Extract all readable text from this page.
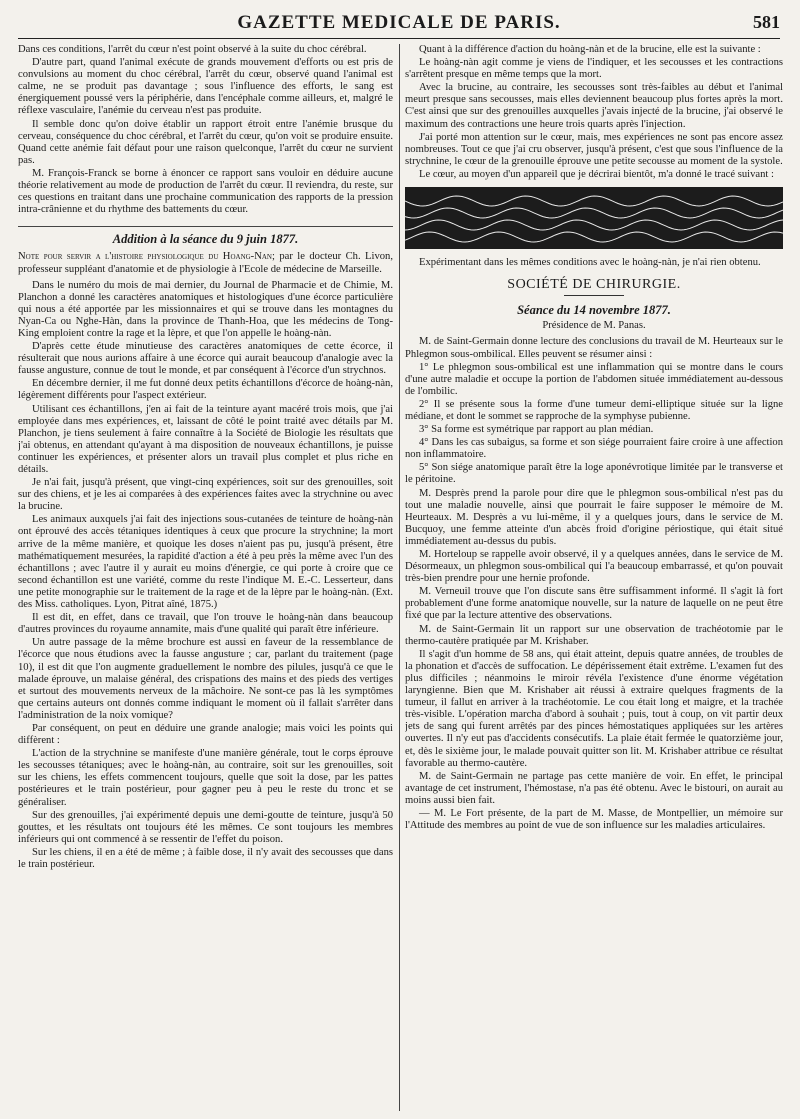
GAZETTE MEDICALE DE PARIS.	581

Dans ces conditions, l'arrêt du cœur n'est point observé à la suite du choc cérébral.

D'autre part, quand l'animal exécute de grands mouvement d'efforts ou est pris de convulsions au moment du choc cérébral, l'arrêt du cœur, observé quand l'animal est calme, ne se produit pas davantage ; sous l'influence des efforts, le sang est énergiquement poussé vers la périphérie, dans l'encéphale comme ailleurs, et, malgré le réflexe vasculaire, l'anémie du cerveau n'est pas produite.

Il semble donc qu'on doive établir un rapport étroit entre l'anémie brusque du cerveau, conséquence du choc cérébral, et l'arrêt du cœur, qu'on voit se produire ensuite. Quand cette anémie fait défaut pour une raison quelconque, l'arrêt du cœur ne survient pas.

M. François-Franck se borne à énoncer ce rapport sans vouloir en déduire aucune théorie relativement au mode de production de l'arrêt du cœur. Il reviendra, du reste, sur ces questions en traitant dans une prochaine communication des rapports de la pression intra-crânienne et du rhythme des battements du cœur.

Addition à la séance du 9 juin 1877.

Note pour servir a l'histoire physiologique du Hoang-Nan; par le docteur Ch. Livon, professeur suppléant d'anatomie et de physiologie à l'Ecole de médecine de Marseille.

Dans le numéro du mois de mai dernier, du Journal de Pharmacie et de Chimie, M. Planchon a donné les caractères anatomiques et histologiques d'une écorce particulière qui nous a été apportée par les missionnaires et qui se trouve dans les montagnes du Nyan-Ca ou Nghe-Hàn, dans la province de Thanh-Hoa, que les médecins de Tong-King emploient contre la rage et la lèpre, et que l'on appelle le hoàng-nàn.

D'après cette étude minutieuse des caractères anatomiques de cette écorce, il résulterait que nous aurions affaire à une écorce qui aurait beaucoup d'analogie avec la fausse angusture, connue de tout le monde, et par conséquent à l'écorce d'un strychnos.

En décembre dernier, il me fut donné deux petits échantillons d'écorce de hoàng-nàn, légèrement différents pour l'aspect extérieur.

Utilisant ces échantillons, j'en ai fait de la teinture ayant macéré trois mois, que j'ai employée dans mes expériences, et, laissant de côté le point traité avec détails par M. Planchon, je tiens seulement à faire connaître à la Société de Biologie les résultats que j'ai obtenus, en attendant qu'ayant à ma disposition de nouveaux échantillons, je puisse continuer les expériences, et présenter alors un travail plus complet et plus riche en détails.

Je n'ai fait, jusqu'à présent, que vingt-cinq expériences, soit sur des grenouilles, soit sur des chiens, et je les ai comparées à des expériences faites avec la strychnine ou avec la brucine.

Les animaux auxquels j'ai fait des injections sous-cutanées de teinture de hoàng-nàn ont éprouvé des accès tétaniques identiques à ceux que procure la strychnine; la mort arrive de la même manière, et quoique les doses n'aient pas pu, jusqu'à présent, être mathématiquement mesurées, la rapidité d'action a été à peu près la même avec l'un des échantillons ; avec l'autre il y aurait eu moins d'énergie, ce qui porte à croire que ce second échantillon est une variété, comme du reste l'indique M. E.-C. Lesserteur, dans une petite monographie sur le traitement de la rage et de la lèpre par le hoàng-nàn. (Ext. des Miss. catholiques. Lyon, Pitrat aîné, 1875.)

Il est dit, en effet, dans ce travail, que l'on trouve le hoàng-nàn dans beaucoup d'autres provinces du royaume annamite, mais d'une qualité qui paraît être inférieure.

Un autre passage de la même brochure est aussi en faveur de la ressemblance de l'écorce que nous étudions avec la fausse angusture ; car, parlant du traitement (page 10), il est dit que l'on augmente graduellement le nombre des pilules, jusqu'à ce que le malade éprouve, un malaise général, des crispations des mains et des pieds des vertiges et surtout des mouvements nerveux de la mâchoire. Ne sont-ce pas là les symptômes que certains auteurs ont donnés comme indiquant le moment où il fallait s'arrêter dans l'administration de la noix vomique?

Par conséquent, on peut en déduire une grande analogie; mais voici les points qui diffèrent :

L'action de la strychnine se manifeste d'une manière générale, tout le corps éprouve les secousses tétaniques; avec le hoàng-nàn, au contraire, soit sur les grenouilles, soit sur les chiens, les effets commencent toujours, quelle que soit la dose, par les pattes postérieures et le train postérieur, pour gagner peu à peu le reste du tronc et se généraliser.

Sur des grenouilles, j'ai expérimenté depuis une demi-goutte de teinture, jusqu'à 50 gouttes, et les résultats ont toujours été les mêmes. Ce sont toujours les membres inférieurs qui ont commencé à se ressentir de l'effet du poison.

Sur les chiens, il en a été de même ; à faible dose, il n'y avait des secousses que dans le train postérieur.

Quant à la différence d'action du hoàng-nàn et de la brucine, elle est la suivante :

Le hoàng-nàn agit comme je viens de l'indiquer, et les secousses et les contractions s'arrêtent presque en même temps que la mort.

Avec la brucine, au contraire, les secousses sont très-faibles au début et l'animal meurt presque sans secousses, mais elles deviennent beaucoup plus fortes après la mort. C'est ainsi que sur des grenouilles auxquelles j'avais injecté de la brucine, j'ai observé le maximum des contractions une heure trois quarts après l'injection.

J'ai porté mon attention sur le cœur, mais, mes expériences ne sont pas encore assez nombreuses. Tout ce que j'ai cru observer, jusqu'à présent, c'est que sous l'influence de la strychnine, le cœur de la grenouille éprouve une petite secousse au moment de la systole.

Le cœur, au moyen d'un appareil que je décrirai bientôt, m'a donné le tracé suivant :

Expérimentant dans les mêmes conditions avec le hoàng-nàn, je n'ai rien obtenu.

SOCIÉTÉ DE CHIRURGIE.
Séance du 14 novembre 1877.

Présidence de M. Panas.

M. de Saint-Germain donne lecture des conclusions du travail de M. Heurteaux sur le Phlegmon sous-ombilical. Elles peuvent se résumer ainsi :

1° Le phlegmon sous-ombilical est une inflammation qui se montre dans le cours d'une autre maladie et occupe la portion de l'abdomen située immédiatement au-dessous de l'ombilic.

2° Il se présente sous la forme d'une tumeur demi-elliptique située sur la ligne médiane, et dont le sommet se rapproche de la symphyse pubienne.

3° Sa forme est symétrique par rapport au plan médian.

4° Dans les cas subaigus, sa forme et son siége pourraient faire croire à une affection non inflammatoire.

5° Son siége anatomique paraît être la loge aponévrotique limitée par le transverse et le péritoine.

M. Desprès prend la parole pour dire que le phlegmon sous-ombilical n'est pas du tout une maladie nouvelle, ainsi que pourrait le faire supposer le mémoire de M. Heurteaux. M. Desprès a vu lui-même, il y a quelques jours, dans le service de M. Bucquoy, une femme atteinte d'un abcès froid d'origine périostique, qui était situé immédiatement au-dessus du pubis.

M. Horteloup se rappelle avoir observé, il y a quelques années, dans le service de M. Désormeaux, un phlegmon sous-ombilical qui l'a beaucoup embarrassé, et qu'on pouvait très-bien prendre pour une hernie profonde.

M. Verneuil trouve que l'on discute sans être suffisamment informé. Il s'agit là fort probablement d'une forme anatomique nouvelle, sur la nature de laquelle on ne peut être fixé que par la lecture attentive des observations.

M. de Saint-Germain lit un rapport sur une observation de trachéotomie par le thermo-cautère pratiquée par M. Krishaber.

Il s'agit d'un homme de 58 ans, qui était atteint, depuis quatre années, de troubles de la phonation et d'accès de suffocation. Le dépérissement était extrême. L'examen fut des plus difficiles ; néanmoins le miroir révéla l'existence d'une énorme végétation laryngienne. Bien que M. Krishaber ait réussi à extraire quelques fragments de la tumeur, il fallut en arriver à la trachéotomie. Le cou était long et maigre, et la trachée très-visible. L'opération marcha d'abord à souhait ; puis, tout à coup, on vit partir deux jets de sang qui furent arrêtés par des pinces hémostatiques appliquées sur les artères ouvertes. Il n'y eut pas d'accidents consécutifs. La plaie était fermée le quatorzième jour, et, dès le sixième jour, le malade pouvait quitter son lit. M. Krishaber attribue ce résultat favorable au thermo-cautère.

M. de Saint-Germain ne partage pas cette manière de voir. En effet, le principal avantage de cet instrument, l'hémostase, n'a pas été obtenu. Avec le bistouri, on aurait au moins aussi bien fait.

— M. Le Fort présente, de la part de M. Masse, de Montpellier, un mémoire sur l'Attitude des membres au point de vue de son influence sur les maladies articulaires.
